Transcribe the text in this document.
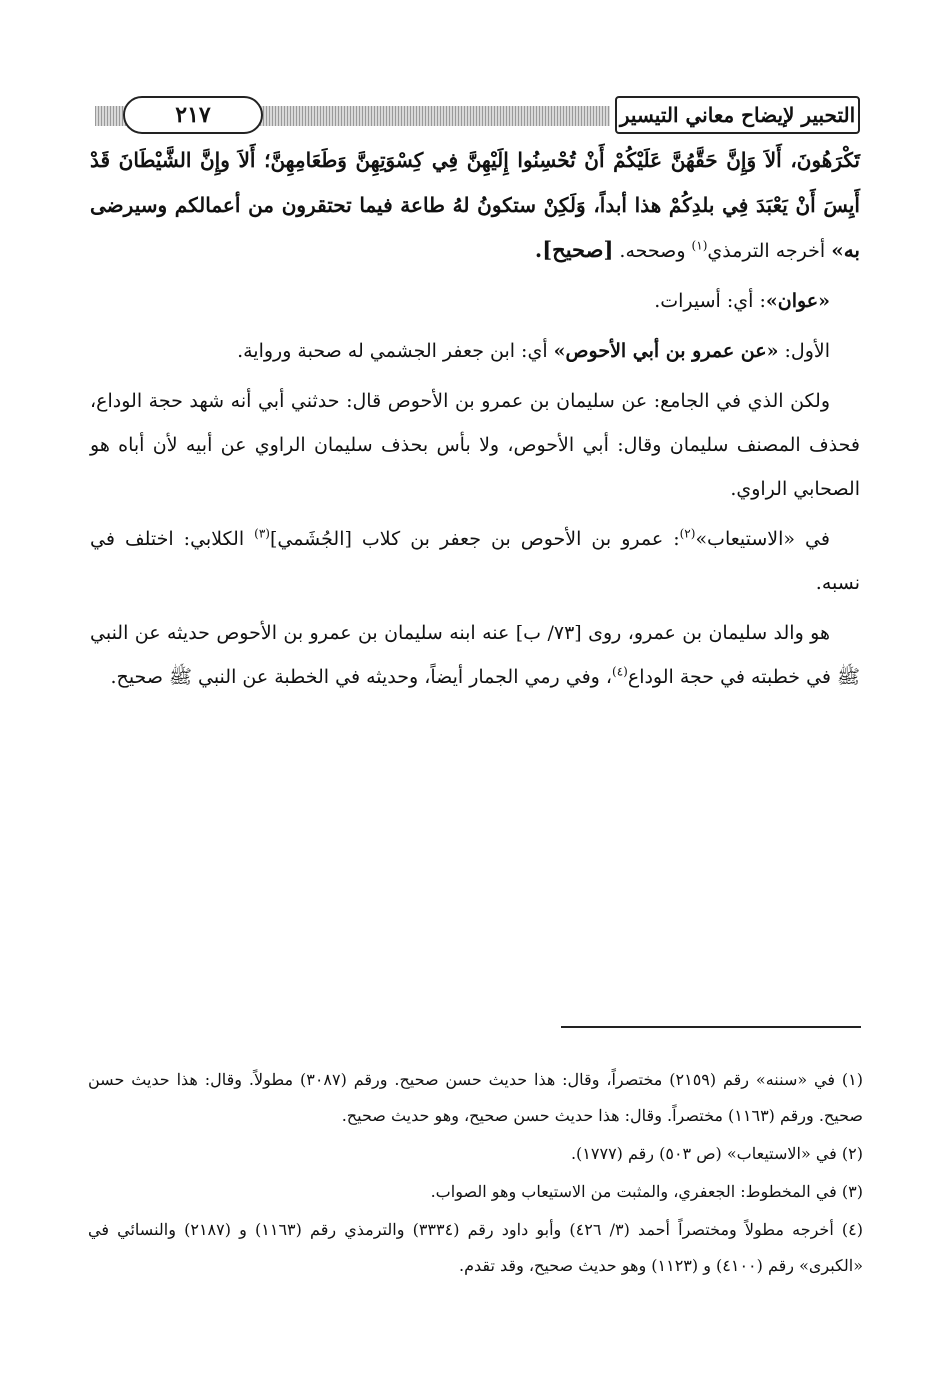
٢١٧	التحبير لإيضاح معاني التيسير

تَكْرَهُونَ، أَلاَ وَإِنَّ حَقَّهُنَّ عَلَيْكُمْ أَنْ تُحْسِنُوا إِلَيْهِنَّ فِي كِسْوَتِهِنَّ وَطَعَامِهِنَّ؛ أَلاَ وإِنَّ الشَّيْطَانَ قَدْ أَيِسَ أَنْ يَعْبَدَ فِي بلدِكُمْ هذا أبداً، وَلَكِنْ ستكونُ لهُ طاعة فيما تحتقرون من أعمالكم وسيرضى به» أخرجه الترمذي$^{(١)}$ وصححه. [صحيح].

«عوان»: أي: أسيرات.

الأول: «عن عمرو بن أبي الأحوص» أي: ابن جعفر الجشمي له صحبة ورواية.

ولكن الذي في الجامع: عن سليمان بن عمرو بن الأحوص قال: حدثني أبي أنه شهد حجة الوداع، فحذف المصنف سليمان وقال: أبي الأحوص، ولا بأس بحذف سليمان الراوي عن أبيه لأن أباه هو الصحابي الراوي.

في «الاستيعاب»$^{(٢)}$: عمرو بن الأحوص بن جعفر بن كلاب [الجُشَمي]$^{(٣)}$ الكلابي: اختلف في نسبه.

هو والد سليمان بن عمرو، روى [٧٣/ ب] عنه ابنه سليمان بن عمرو بن الأحوص حديثه عن النبي ﷺ في خطبته في حجة الوداع$^{(٤)}$، وفي رمي الجمار أيضاً، وحديثه في الخطبة عن النبي ﷺ صحيح.

(١) في «سننه» رقم (٢١٥٩) مختصراً، وقال: هذا حديث حسن صحيح. ورقم (٣٠٨٧) مطولاً. وقال: هذا حديث حسن صحيح. ورقم (١١٦٣) مختصراً. وقال: هذا حديث حسن صحيح، وهو حديث صحيح.

(٢) في «الاستيعاب» (ص ٥٠٣) رقم (١٧٧٧).

(٣) في المخطوط: الجعفري، والمثبت من الاستيعاب وهو الصواب.

(٤) أخرجه مطولاً ومختصراً أحمد (٣/ ٤٢٦) وأبو داود رقم (٣٣٣٤) والترمذي رقم (١١٦٣) و (٢١٨٧) والنسائي في «الكبرى» رقم (٤١٠٠) و (١١٢٣) وهو حديث صحيح، وقد تقدم.
